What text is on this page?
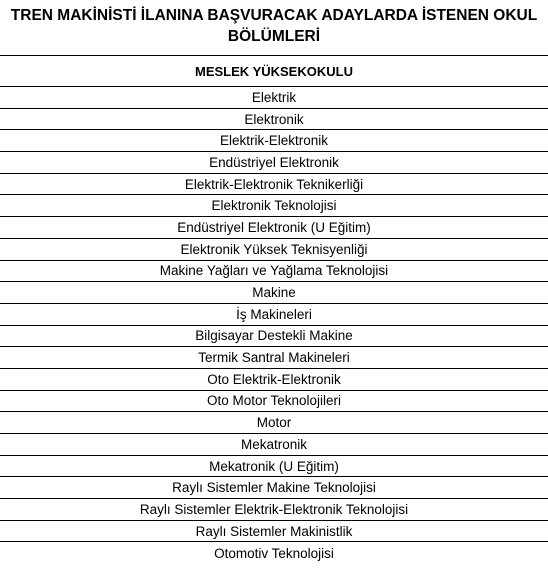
TREN MAKİNİSTİ İLANINA BAŞVURACAK ADAYLARDA İSTENEN OKUL
BÖLÜMLERİ
MESLEK YÜKSEKOKULU
Elektrik
Elektronik
Elektrik-Elektronik
Endüstriyel Elektronik
Elektrik-Elektronik Teknikerliği
Elektronik Teknolojisi
Endüstriyel Elektronik (U Eğitim)
Elektronik Yüksek Teknisyenliği
Makine Yağları ve Yağlama Teknolojisi
Makine
İş Makineleri
Bilgisayar Destekli Makine
Termik Santral Makineleri
Oto Elektrik-Elektronik
Oto Motor Teknolojileri
Motor
Mekatronik
Mekatronik (U Eğitim)
Raylı Sistemler Makine Teknolojisi
Raylı Sistemler Elektrik-Elektronik Teknolojisi
Raylı Sistemler Makinistlik
Otomotiv Teknolojisi
